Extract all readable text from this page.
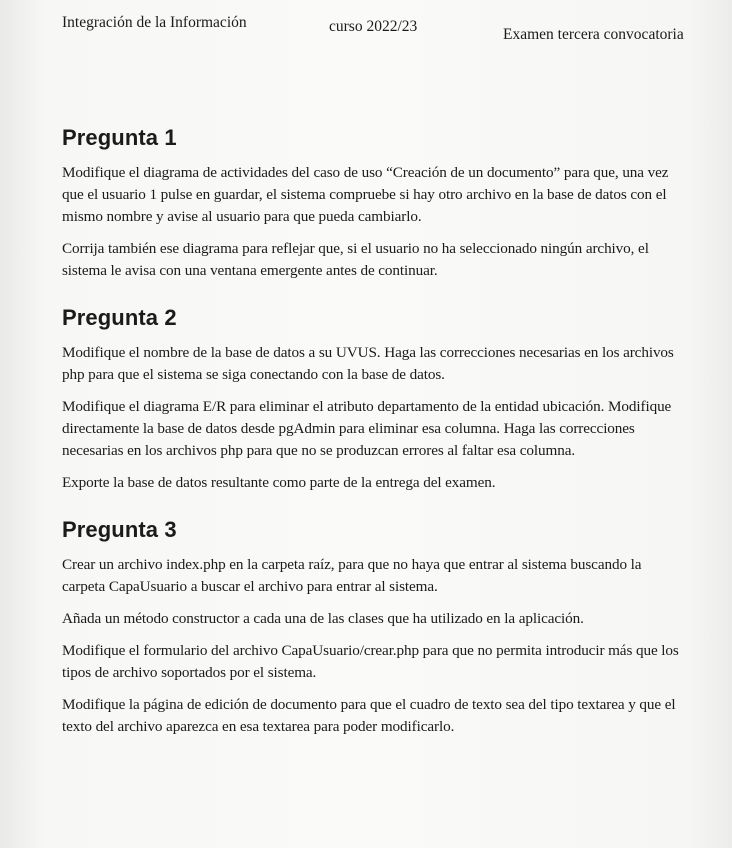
Integración de la Información	curso 2022/23	Examen tercera convocatoria
Pregunta 1

Modifique el diagrama de actividades del caso de uso “Creación de un documento” para que, una vez que el usuario 1 pulse en guardar, el sistema compruebe si hay otro archivo en la base de datos con el mismo nombre y avise al usuario para que pueda cambiarlo.

Corrija también ese diagrama para reflejar que, si el usuario no ha seleccionado ningún archivo, el sistema le avisa con una ventana emergente antes de continuar.

Pregunta 2

Modifique el nombre de la base de datos a su UVUS. Haga las correcciones necesarias en los archivos php para que el sistema se siga conectando con la base de datos.

Modifique el diagrama E/R para eliminar el atributo departamento de la entidad ubicación. Modifique directamente la base de datos desde pgAdmin para eliminar esa columna. Haga las correcciones necesarias en los archivos php para que no se produzcan errores al faltar esa columna.

Exporte la base de datos resultante como parte de la entrega del examen.

Pregunta 3

Crear un archivo index.php en la carpeta raíz, para que no haya que entrar al sistema buscando la carpeta CapaUsuario a buscar el archivo para entrar al sistema.

Añada un método constructor a cada una de las clases que ha utilizado en la aplicación.

Modifique el formulario del archivo CapaUsuario/crear.php para que no permita introducir más que los tipos de archivo soportados por el sistema.

Modifique la página de edición de documento para que el cuadro de texto sea del tipo textarea y que el texto del archivo aparezca en esa textarea para poder modificarlo.
